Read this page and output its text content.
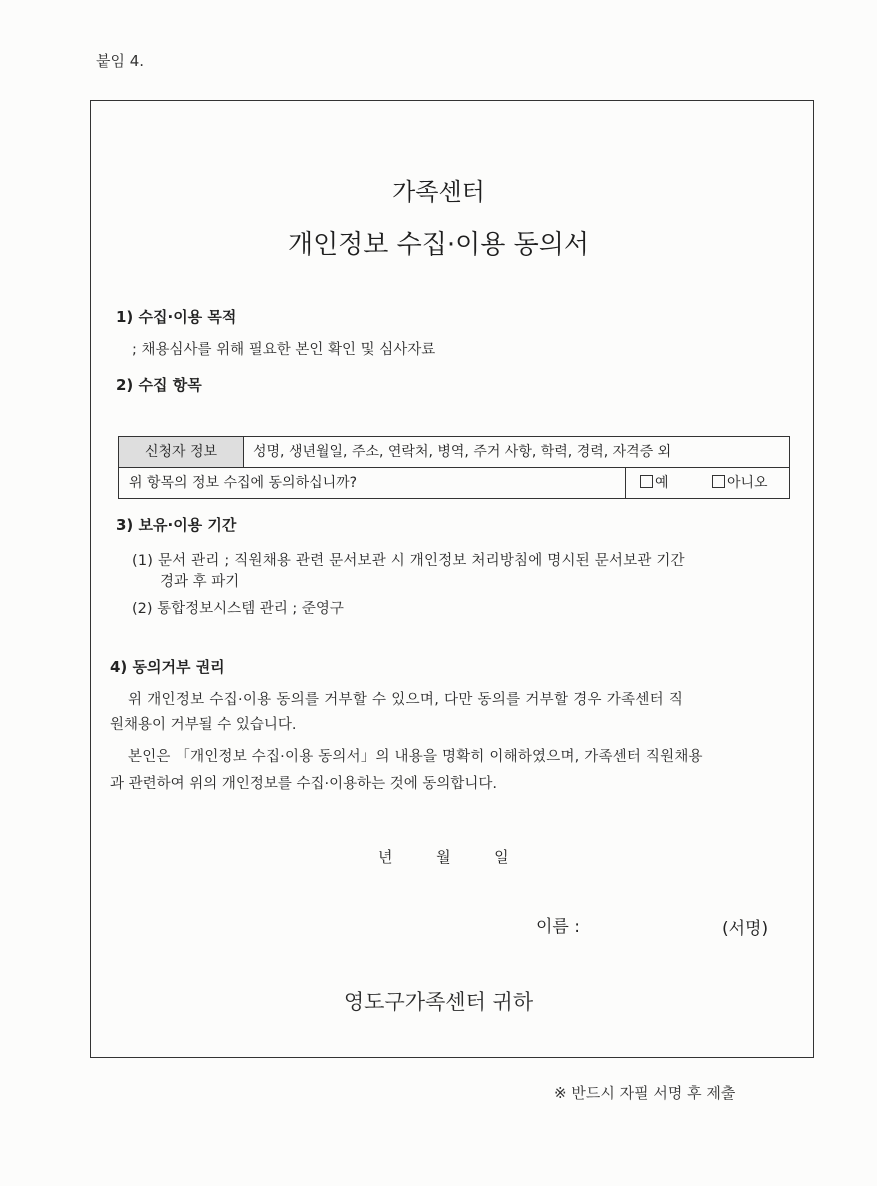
붙임 4.
가족센터
개인정보 수집·이용 동의서
1) 수집·이용 목적
; 채용심사를 위해 필요한 본인 확인 및 심사자료
2) 수집 항목
신청자 정보	성명, 생년월일, 주소, 연락처, 병역, 주거 사항, 학력, 경력, 자격증 외
위 항목의 정보 수집에 동의하십니까?	예	아니오
3) 보유·이용 기간
(1) 문서 관리 ; 직원채용 관련 문서보관 시 개인정보 처리방침에 명시된 문서보관 기간
경과 후 파기
(2) 통합정보시스템 관리 ; 준영구
4) 동의거부 권리
위 개인정보 수집·이용 동의를 거부할 수 있으며, 다만 동의를 거부할 경우 가족센터 직
원채용이 거부될 수 있습니다.
본인은 「개인정보 수집·이용 동의서」의 내용을 명확히 이해하였으며, 가족센터 직원채용
과 관련하여 위의 개인정보를 수집·이용하는 것에 동의합니다.
년	월	일
이름 :	(서명)
영도구가족센터 귀하
※ 반드시 자필 서명 후 제출
